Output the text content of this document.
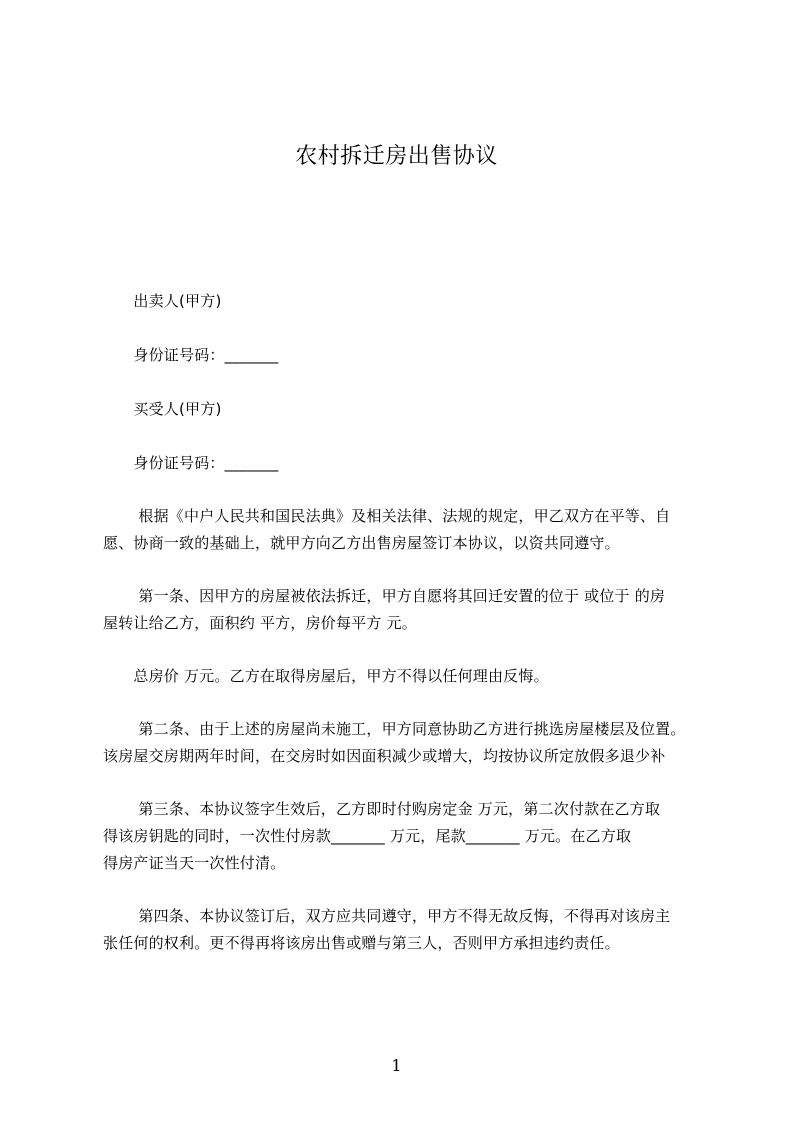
农村拆迁房出售协议
　　出卖人(甲方)
　　身份证号码：_______
　　买受人(甲方)
　　身份证号码：_______
　　 根据《中户人民共和国民法典》及相关法律、法规的规定，甲乙双方在平等、自
愿、协商一致的基础上，就甲方向乙方出售房屋签订本协议，以资共同遵守。
　　 第一条、因甲方的房屋被依法拆迁，甲方自愿将其回迁安置的位于 或位于 的房
屋转让给乙方，面积约 平方，房价每平方 元。
　　总房价 万元。乙方在取得房屋后，甲方不得以任何理由反悔。
　　 第二条、由于上述的房屋尚未施工，甲方同意协助乙方进行挑选房屋楼层及位置。
该房屋交房期两年时间，在交房时如因面积减少或增大，均按协议所定放假多退少补
　　 第三条、本协议签字生效后，乙方即时付购房定金 万元，第二次付款在乙方取
得该房钥匙的同时，一次性付房款_______ 万元，尾款_______ 万元。在乙方取
得房产证当天一次性付清。
　　 第四条、本协议签订后，双方应共同遵守，甲方不得无故反悔，不得再对该房主
张任何的权利。更不得再将该房出售或赠与第三人，否则甲方承担违约责任。
1
